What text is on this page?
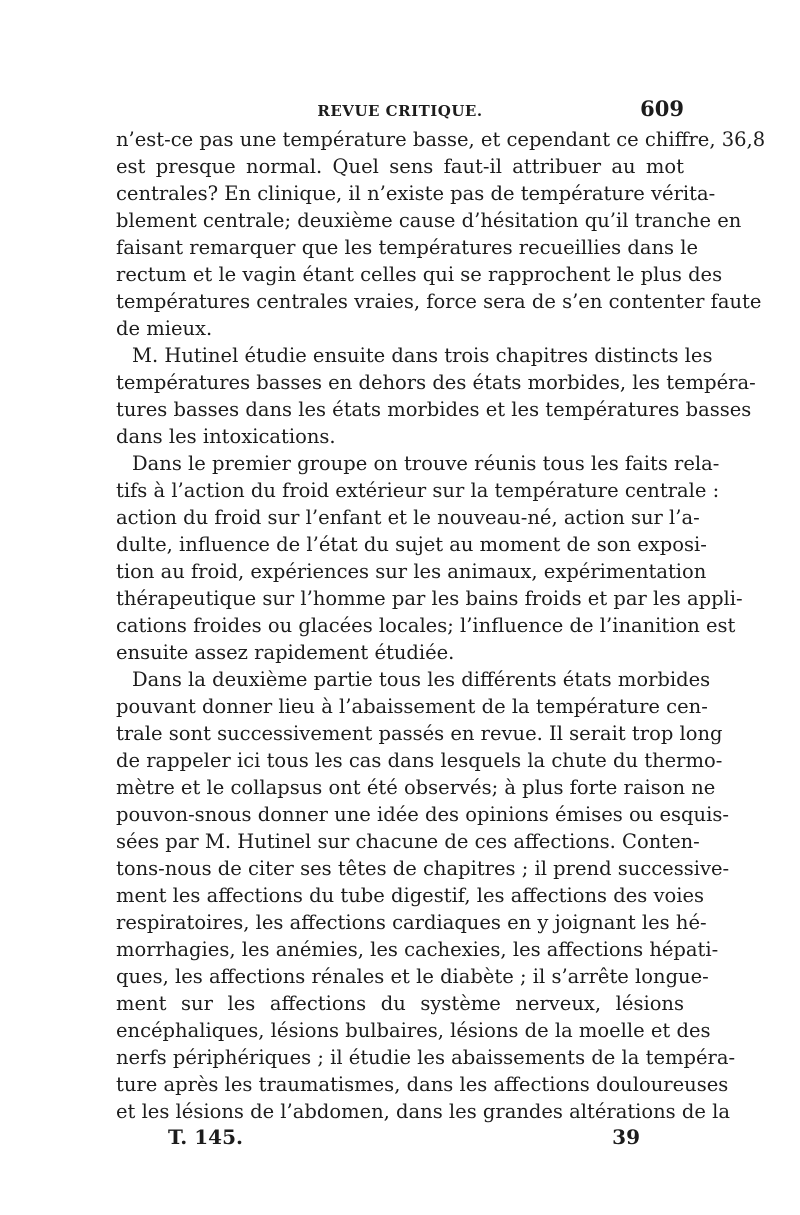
REVUE CRITIQUE.	609
n’est-ce pas une température basse, et cependant ce chiffre, 36,8
est presque normal. Quel sens faut-il attribuer au mot
centrales? En clinique, il n’existe pas de température vérita-
blement centrale; deuxième cause d’hésitation qu’il tranche en
faisant remarquer que les températures recueillies dans le
rectum et le vagin étant celles qui se rapprochent le plus des
températures centrales vraies, force sera de s’en contenter faute
de mieux.
M. Hutinel étudie ensuite dans trois chapitres distincts les
températures basses en dehors des états morbides, les tempéra-
tures basses dans les états morbides et les températures basses
dans les intoxications.
Dans le premier groupe on trouve réunis tous les faits rela-
tifs à l’action du froid extérieur sur la température centrale :
action du froid sur l’enfant et le nouveau-né, action sur l’a-
dulte, influence de l’état du sujet au moment de son exposi-
tion au froid, expériences sur les animaux, expérimentation
thérapeutique sur l’homme par les bains froids et par les appli-
cations froides ou glacées locales; l’influence de l’inanition est
ensuite assez rapidement étudiée.
Dans la deuxième partie tous les différents états morbides
pouvant donner lieu à l’abaissement de la température cen-
trale sont successivement passés en revue. Il serait trop long
de rappeler ici tous les cas dans lesquels la chute du thermo-
mètre et le collapsus ont été observés; à plus forte raison ne
pouvon-snous donner une idée des opinions émises ou esquis-
sées par M. Hutinel sur chacune de ces affections. Conten-
tons-nous de citer ses têtes de chapitres ; il prend successive-
ment les affections du tube digestif, les affections des voies
respiratoires, les affections cardiaques en y joignant les hé-
morrhagies, les anémies, les cachexies, les affections hépati-
ques, les affections rénales et le diabète ; il s’arrête longue-
ment sur les affections du système nerveux, lésions
encéphaliques, lésions bulbaires, lésions de la moelle et des
nerfs périphériques ; il étudie les abaissements de la tempéra-
ture après les traumatismes, dans les affections douloureuses
et les lésions de l’abdomen, dans les grandes altérations de la
T. 145.	39
